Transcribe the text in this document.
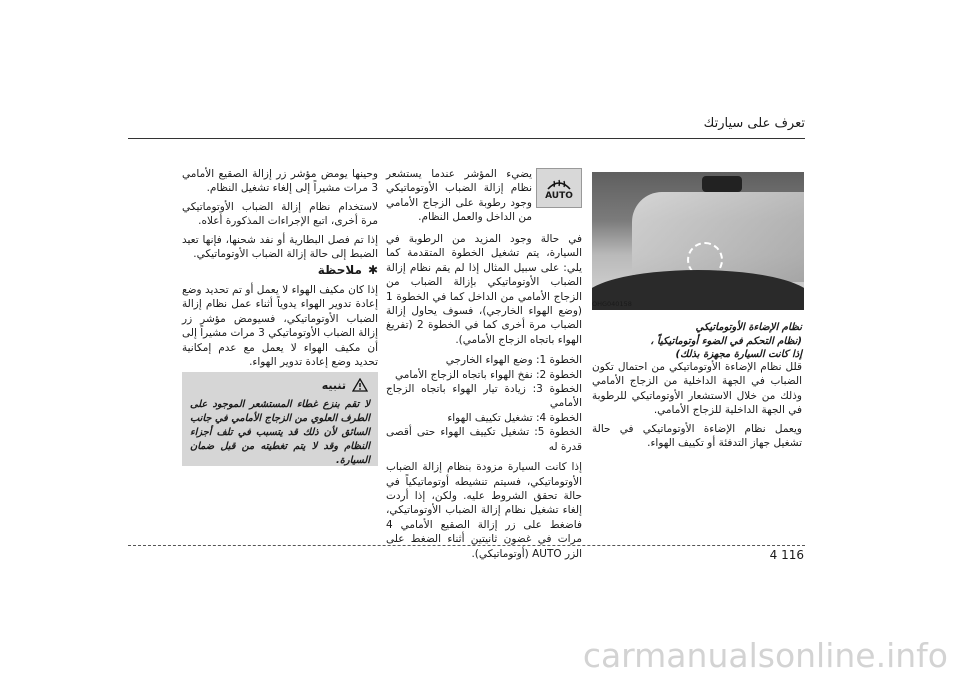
تعرف على سيارتك
OHG040158
نظام الإضاءة الأوتوماتيكي
(نظام التحكم في الضوء أوتوماتيكياً ،
إذا كانت السيارة مجهزة بذلك)

قلل نظام الإضاءة الأوتوماتيكي من احتمال تكون الضباب في الجهة الداخلية من الزجاج الأمامي وذلك من خلال الاستشعار الأوتوماتيكي للرطوبة في الجهة الداخلية للزجاج الأمامي.

ويعمل نظام الإضاءة الأوتوماتيكي في حالة تشغيل جهاز التدفئة أو تكييف الهواء.

AUTO
يضيء المؤشر عندما يستشعر نظام إزالة الضباب الأوتوماتيكي وجود رطوبة على الزجاج الأمامي من الداخل والعمل النظام.

في حالة وجود المزيد من الرطوبة في السيارة، يتم تشغيل الخطوة المتقدمة كما يلي: على سبيل المثال إذا لم يقم نظام إزالة الضباب الأوتوماتيكي بإزالة الضباب من الزجاج الأمامي من الداخل كما في الخطوة 1 (وضع الهواء الخارجي)، فسوف يحاول إزالة الضباب مرة أخرى كما في الخطوة 2 (تفريغ الهواء باتجاه الزجاج الأمامي).

الخطوة 1: وضع الهواء الخارجي
الخطوة 2: نفخ الهواء باتجاه الزجاج الأمامي
الخطوة 3: زيادة تيار الهواء باتجاه الزجاج الأمامي
الخطوة 4: تشغيل تكييف الهواء
الخطوة 5: تشغيل تكييف الهواء حتى أقصى قدرة له

إذا كانت السيارة مزودة بنظام إزالة الضباب الأوتوماتيكي، فسيتم تنشيطه أوتوماتيكياً في حالة تحقق الشروط عليه. ولكن، إذا أردت إلغاء تشغيل نظام إزالة الضباب الأوتوماتيكي، فاضغط على زر إزالة الصقيع الأمامي 4 مرات في غضون ثانيتين أثناء الضغط على الزر AUTO (أوتوماتيكي).

وحينها يومض مؤشر زر إزالة الصقيع الأمامي 3 مرات مشيراً إلى إلغاء تشغيل النظام.

لاستخدام نظام إزالة الضباب الأوتوماتيكي مرة أخرى، اتبع الإجراءات المذكورة أعلاه.

إذا تم فصل البطارية أو نفد شحنها، فإنها تعيد الضبط إلى حالة إزالة الضباب الأوتوماتيكي.

✱ملاحظة
إذا كان مكيف الهواء لا يعمل أو تم تحديد وضع إعادة تدوير الهواء يدوياً أثناء عمل نظام إزالة الضباب الأوتوماتيكي، فسيومض مؤشر زر إزالة الضباب الأوتوماتيكي 3 مرات مشيراً إلى أن مكيف الهواء لا يعمل مع عدم إمكانية تحديد وضع إعادة تدوير الهواء.
تنبيه
لا تقم بنزع غطاء المستشعر الموجود على الطرف العلوي من الزجاج الأمامي في جانب السائق لأن ذلك قد يتسبب في تلف أجزاء النظام وقد لا يتم تغطيته من قبل ضمان السيارة.
4 116
carmanualsonline.info
